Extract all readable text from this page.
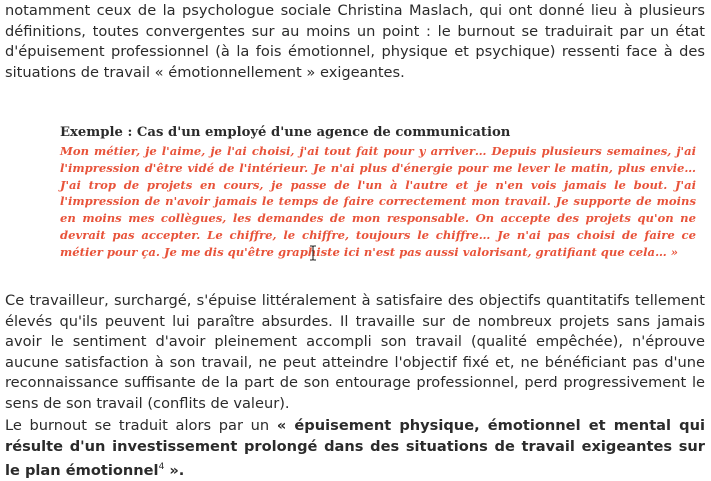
notamment ceux de la psychologue sociale Christina Maslach, qui ont donné lieu à plusieurs définitions, toutes convergentes sur au moins un point : le burnout se traduirait par un état d'épuisement professionnel (à la fois émotionnel, physique et psychique) ressenti face à des situations de travail « émotionnellement » exigeantes.

Exemple : Cas d'un employé d'une agence de communication

Mon métier, je l'aime, je l'ai choisi, j'ai tout fait pour y arriver… Depuis plusieurs semaines, j'ai l'impression d'être vidé de l'intérieur. Je n'ai plus d'énergie pour me lever le matin, plus envie… J'ai trop de projets en cours, je passe de l'un à l'autre et je n'en vois jamais le bout. J'ai l'impression de n'avoir jamais le temps de faire correctement mon travail. Je supporte de moins en moins mes collègues, les demandes de mon responsable. On accepte des projets qu'on ne devrait pas accepter. Le chiffre, le chiffre, toujours le chiffre… Je n'ai pas choisi de faire ce métier pour ça. Je me dis qu'être graphiste ici n'est pas aussi valorisant, gratifiant que cela… »

Ce travailleur, surchargé, s'épuise littéralement à satisfaire des objectifs quantitatifs tellement élevés qu'ils peuvent lui paraître absurdes. Il travaille sur de nombreux projets sans jamais avoir le sentiment d'avoir pleinement accompli son travail (qualité empêchée), n'éprouve aucune satisfaction à son travail, ne peut atteindre l'objectif fixé et, ne bénéficiant pas d'une reconnaissance suffisante de la part de son entourage professionnel, perd progressivement le sens de son travail (conflits de valeur).

Le burnout se traduit alors par un « épuisement physique, émotionnel et mental qui résulte d'un investissement prolongé dans des situations de travail exigeantes sur le plan émotionnel$^4$ ».
